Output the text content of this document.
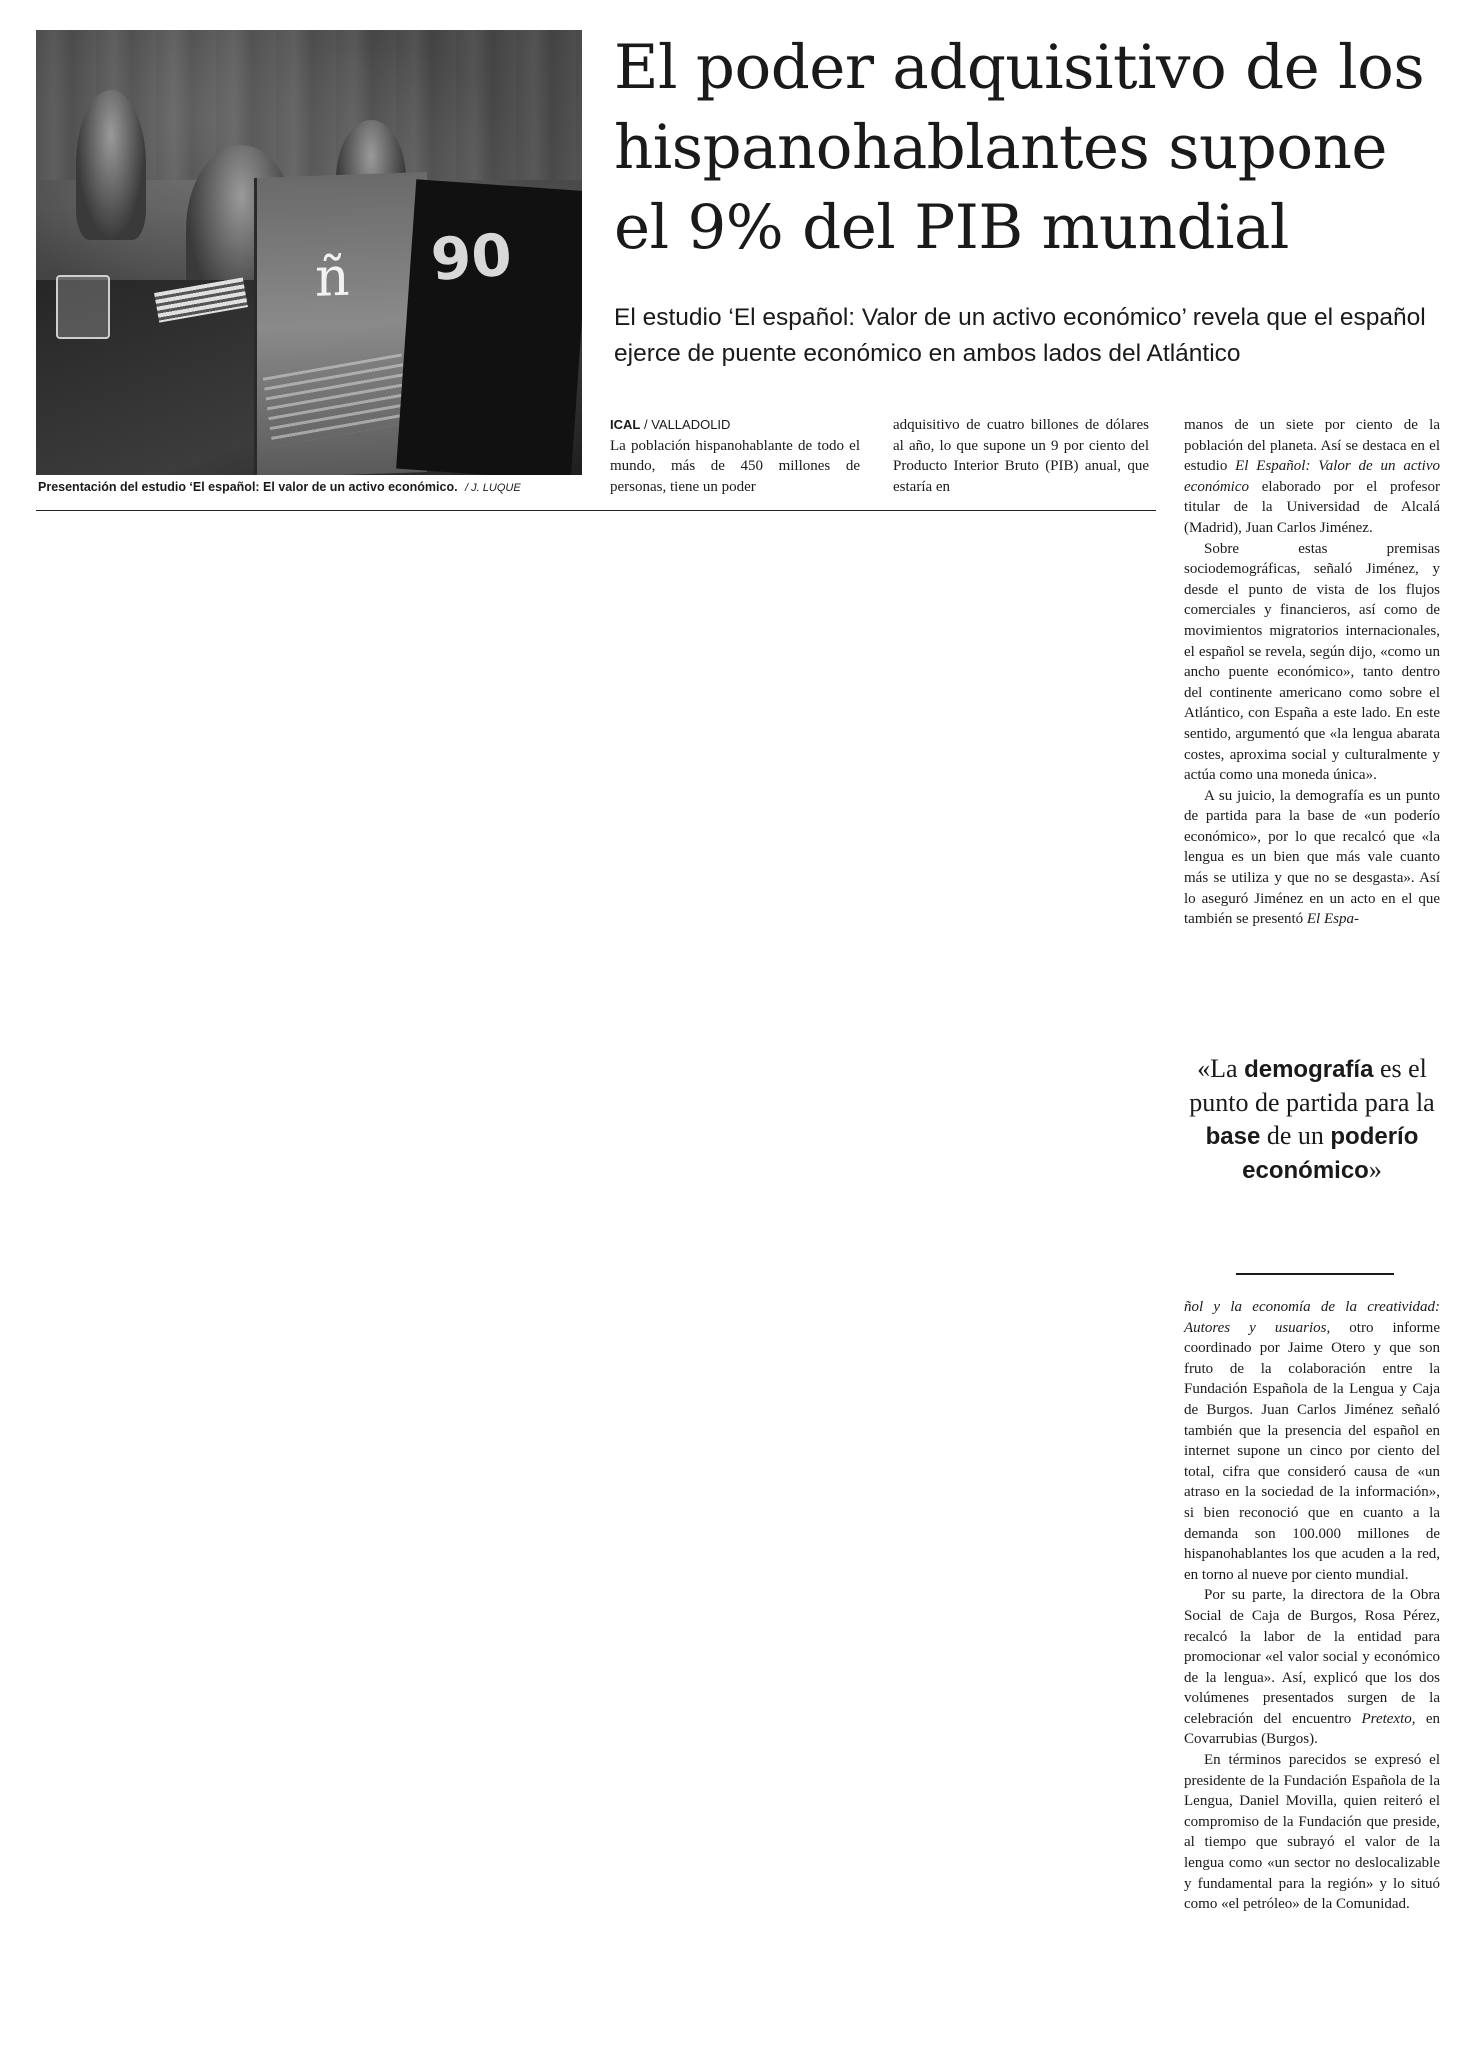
ñ 90
Presentación del estudio ‘El español: El valor de un activo económico. / J. LUQUE
El poder adquisitivo de los hispanohablantes supone el 9% del PIB mundial

El estudio ‘El español: Valor de un activo económico’ revela que el español ejerce de puente económico en ambos lados del Atlántico

ICAL / VALLADOLID

La población hispanohablante de todo el mundo, más de 450 millones de personas, tiene un poder

adquisitivo de cuatro billones de dólares al año, lo que supone un 9 por ciento del Producto Interior Bruto (PIB) anual, que estaría en

manos de un siete por ciento de la población del planeta. Así se destaca en el estudio El Español: Valor de un activo económico elaborado por el profesor titular de la Universidad de Alcalá (Madrid), Juan Carlos Jiménez.

Sobre estas premisas sociodemográficas, señaló Jiménez, y desde el punto de vista de los flujos comerciales y financieros, así como de movimientos migratorios internacionales, el español se revela, según dijo, «como un ancho puente económico», tanto dentro del continente americano como sobre el Atlántico, con España a este lado. En este sentido, argumentó que «la lengua abarata costes, aproxima social y culturalmente y actúa como una moneda única».

A su juicio, la demografía es un punto de partida para la base de «un poderío económico», por lo que recalcó que «la lengua es un bien que más vale cuanto más se utiliza y que no se desgasta». Así lo aseguró Jiménez en un acto en el que también se presentó El Espa-

«La demografía es el punto de partida para la base de un poderío económico»

ñol y la economía de la creatividad: Autores y usuarios, otro informe coordinado por Jaime Otero y que son fruto de la colaboración entre la Fundación Española de la Lengua y Caja de Burgos. Juan Carlos Jiménez señaló también que la presencia del español en internet supone un cinco por ciento del total, cifra que consideró causa de «un atraso en la sociedad de la información», si bien reconoció que en cuanto a la demanda son 100.000 millones de hispanohablantes los que acuden a la red, en torno al nueve por ciento mundial.

Por su parte, la directora de la Obra Social de Caja de Burgos, Rosa Pérez, recalcó la labor de la entidad para promocionar «el valor social y económico de la lengua». Así, explicó que los dos volúmenes presentados surgen de la celebración del encuentro Pretexto, en Covarrubias (Burgos).

En términos parecidos se expresó el presidente de la Fundación Española de la Lengua, Daniel Movilla, quien reiteró el compromiso de la Fundación que preside, al tiempo que subrayó el valor de la lengua como «un sector no deslocalizable y fundamental para la región» y lo situó como «el petróleo» de la Comunidad.
